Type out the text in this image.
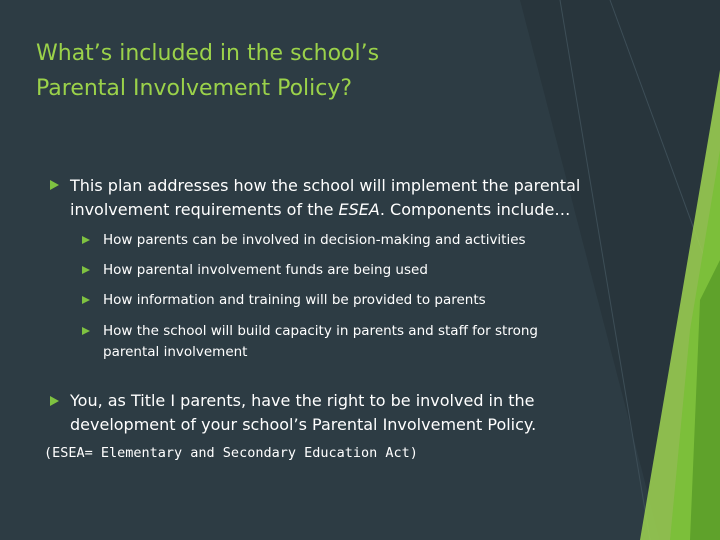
What’s included in the school’s
Parental Involvement Policy?
This plan addresses how the school will implement the parental
involvement requirements of the ESEA. Components include…
How parents can be involved in decision-making and activities
How parental involvement funds are being used
How information and training will be provided to parents
How the school will build capacity in parents and staff for strong
parental involvement
You, as Title I parents, have the right to be involved in the
development of your school’s Parental Involvement Policy.
(ESEA= Elementary and Secondary Education Act)
